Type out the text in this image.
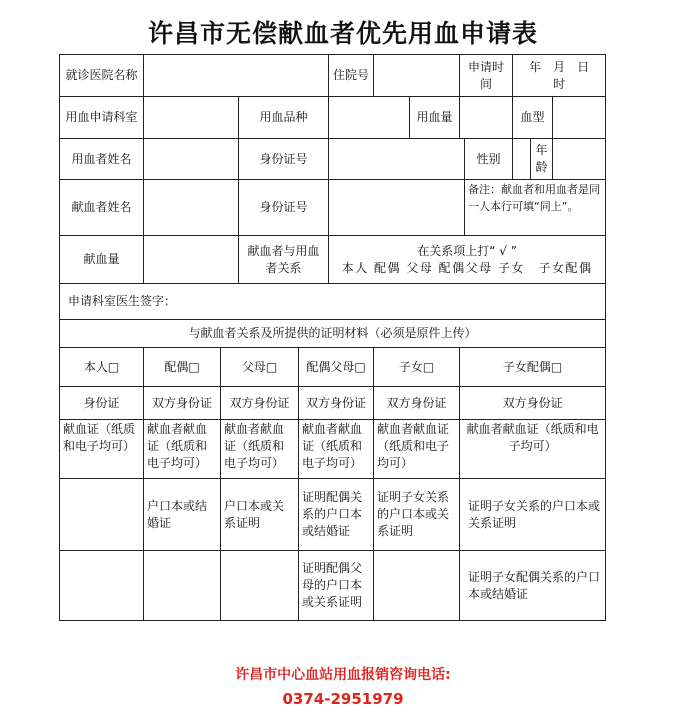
许昌市无偿献血者优先用血申请表
就诊医院名称					住院号			申请时间		年　月　日　　时		
用血申请科室			用血品种				用血量			血型		
用血者姓名			身份证号						性别		年龄	
献血者姓名			身份证号						备注：献血者和用血者是同一人本行可填“同上”。			
献血量			献血者与用血者关系		在关系项上打“ √ ”
本人 配偶 父母 配偶父母 子女　子女配偶							

申请科室医生签字：												
与献血者关系及所提供的证明材料（必须是原件上传）												
本人□	配偶□	父母□		配偶父母□		子女□		子女配偶□				
身份证	双方身份证	双方身份证		双方身份证		双方身份证		双方身份证				
献血证（纸质和电子均可）	献血者献血证（纸质和电子均可）	献血者献血证（纸质和电子均可）		献血者献血证（纸质和电子均可）		献血者献血证（纸质和电子均可）		献血者献血证（纸质和电子均可）				
	户口本或结婚证	户口本或关系证明		证明配偶关系的户口本或结婚证		证明子女关系的户口本或关系证明		证明子女关系的户口本或关系证明				
				证明配偶父母的户口本或关系证明				证明子女配偶关系的户口本或结婚证				
许昌市中心血站用血报销咨询电话:
0374-2951979
